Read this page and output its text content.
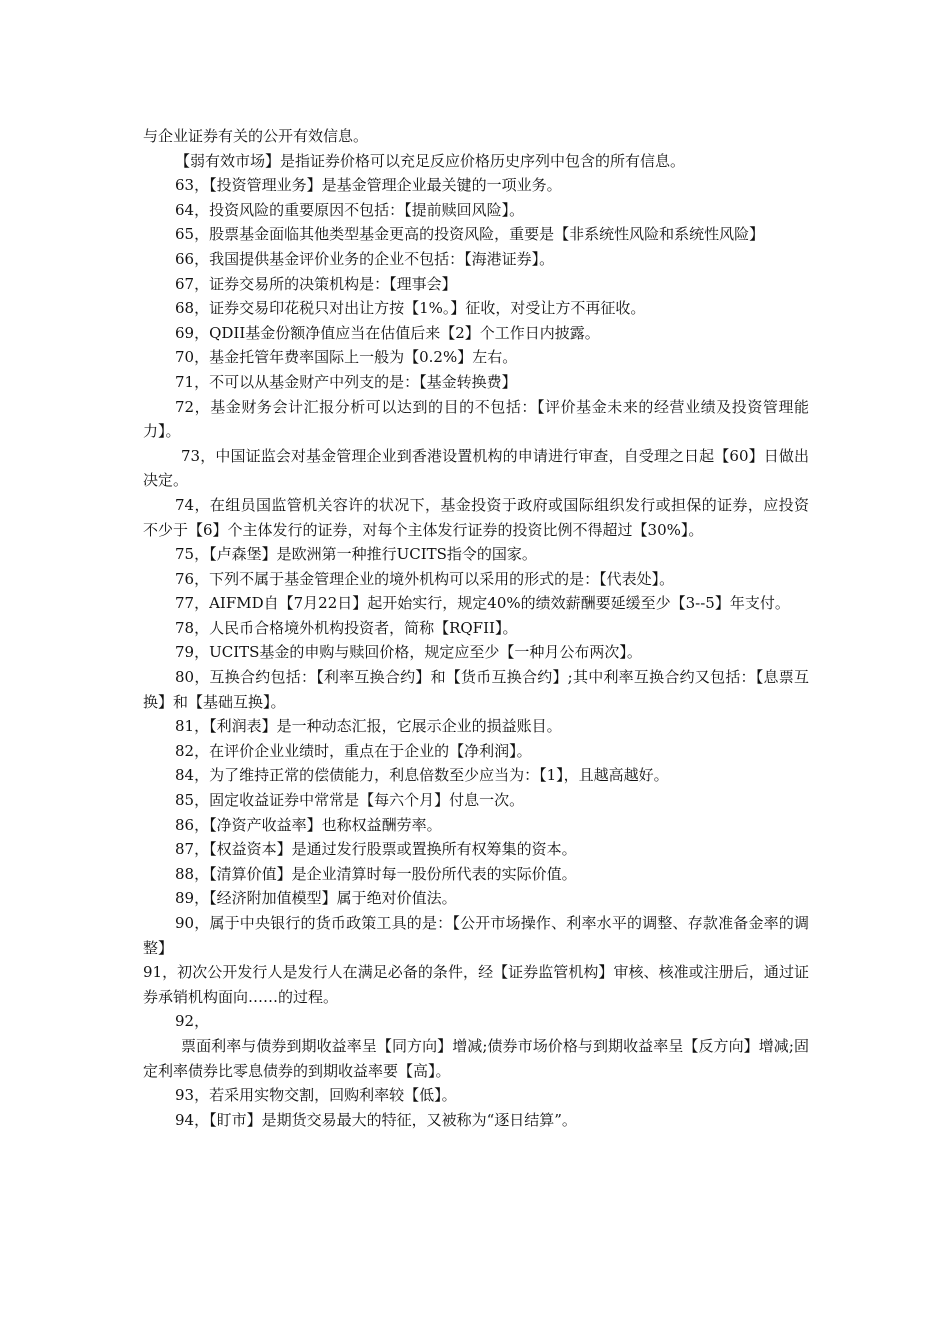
与企业证券有关的公开有效信息。

【弱有效市场】是指证券价格可以充足反应价格历史序列中包含的所有信息。

63，【投资管理业务】是基金管理企业最关键的一项业务。

64，投资风险的重要原因不包括：【提前赎回风险】。

65，股票基金面临其他类型基金更高的投资风险，重要是【非系统性风险和系统性风险】

66，我国提供基金评价业务的企业不包括：【海港证券】。

67，证券交易所的决策机构是：【理事会】

68，证券交易印花税只对出让方按【1%。】征收，对受让方不再征收。

69，QDII基金份额净值应当在估值后来【2】个工作日内披露。

70，基金托管年费率国际上一般为【0.2%】左右。

71，不可以从基金财产中列支的是：【基金转换费】

72，基金财务会计汇报分析可以达到的目的不包括：【评价基金未来的经营业绩及投资管理能力】。

73，中国证监会对基金管理企业到香港设置机构的申请进行审查，自受理之日起【60】日做出决定。

74，在组员国监管机关容许的状况下，基金投资于政府或国际组织发行或担保的证券，应投资不少于【6】个主体发行的证券，对每个主体发行证券的投资比例不得超过【30%】。

75，【卢森堡】是欧洲第一种推行UCITS指令的国家。

76，下列不属于基金管理企业的境外机构可以采用的形式的是：【代表处】。

77，AIFMD自【7月22日】起开始实行，规定40%的绩效薪酬要延缓至少【3--5】年支付。

78，人民币合格境外机构投资者，简称【RQFII】。

79，UCITS基金的申购与赎回价格，规定应至少【一种月公布两次】。

80，互换合约包括：【利率互换合约】和【货币互换合约】;其中利率互换合约又包括：【息票互换】和【基础互换】。

81，【利润表】是一种动态汇报，它展示企业的损益账目。

82，在评价企业业绩时，重点在于企业的【净利润】。

84，为了维持正常的偿债能力，利息倍数至少应当为：【1】，且越高越好。

85，固定收益证券中常常是【每六个月】付息一次。

86，【净资产收益率】也称权益酬劳率。

87，【权益资本】是通过发行股票或置换所有权筹集的资本。

88，【清算价值】是企业清算时每一股份所代表的实际价值。

89，【经济附加值模型】属于绝对价值法。

90，属于中央银行的货币政策工具的是：【公开市场操作、利率水平的调整、存款准备金率的调整】

91，初次公开发行人是发行人在满足必备的条件，经【证券监管机构】审核、核准或注册后，通过证券承销机构面向……的过程。

92，

票面利率与债券到期收益率呈【同方向】增减;债券市场价格与到期收益率呈【反方向】增减;固定利率债券比零息债券的到期收益率要【高】。

93，若采用实物交割，回购利率较【低】。

94，【盯市】是期货交易最大的特征，又被称为“逐日结算”。
